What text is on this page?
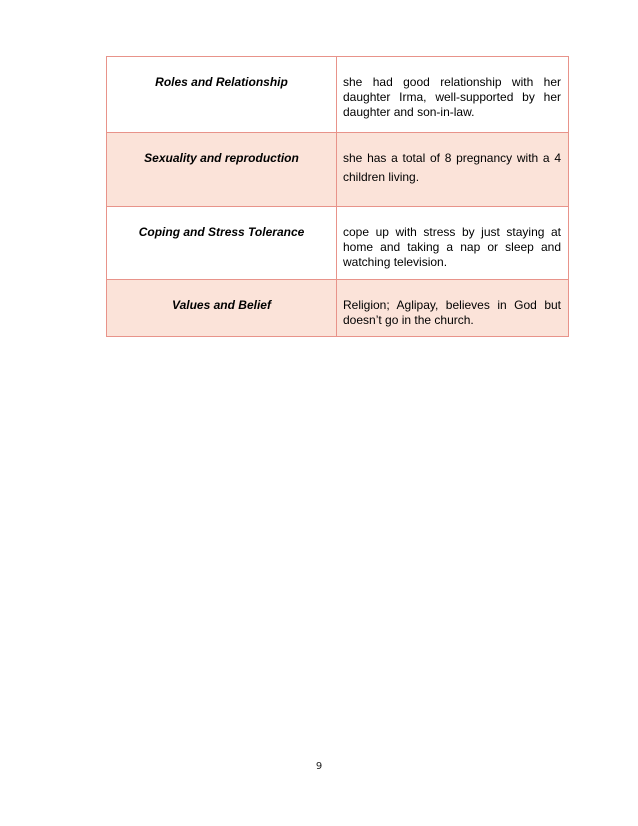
Roles and Relationship	she had good relationship with her daughter Irma, well-supported by her daughter and son-in-law.

Sexuality and reproduction	she has a total of 8 pregnancy with a 4 children living.

Coping and Stress Tolerance	cope up with stress by just staying at home and taking a nap or sleep and watching television.

Values and Belief	Religion; Aglipay, believes in God but doesn’t go in the church.
9
